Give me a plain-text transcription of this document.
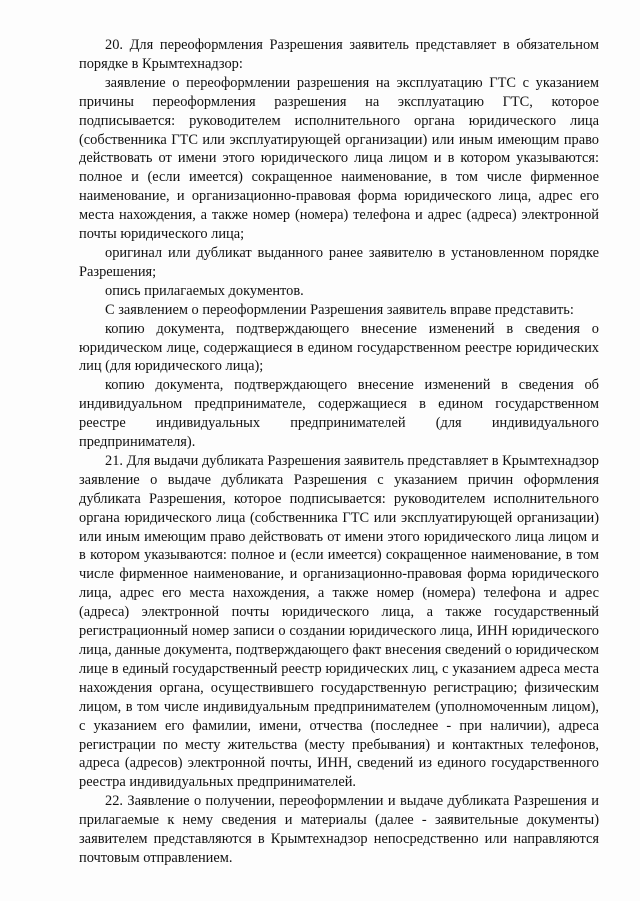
20. Для переоформления Разрешения заявитель представляет в обязательном порядке в Крымтехнадзор:

заявление о переоформлении разрешения на эксплуатацию ГТС с указанием причины переоформления разрешения на эксплуатацию ГТС, которое подписывается: руководителем исполнительного органа юридического лица (собственника ГТС или эксплуатирующей организации) или иным имеющим право действовать от имени этого юридического лица лицом и в котором указываются: полное и (если имеется) сокращенное наименование, в том числе фирменное наименование, и организационно-правовая форма юридического лица, адрес его места нахождения, а также номер (номера) телефона и адрес (адреса) электронной почты юридического лица;

оригинал или дубликат выданного ранее заявителю в установленном порядке Разрешения;

опись прилагаемых документов.

С заявлением о переоформлении Разрешения заявитель вправе представить:

копию документа, подтверждающего внесение изменений в сведения о юридическом лице, содержащиеся в едином государственном реестре юридических лиц (для юридического лица);

копию документа, подтверждающего внесение изменений в сведения об индивидуальном предпринимателе, содержащиеся в едином государственном реестре индивидуальных предпринимателей (для индивидуального предпринимателя).

21. Для выдачи дубликата Разрешения заявитель представляет в Крымтехнадзор заявление о выдаче дубликата Разрешения с указанием причин оформления дубликата Разрешения, которое подписывается: руководителем исполнительного органа юридического лица (собственника ГТС или эксплуатирующей организации) или иным имеющим право действовать от имени этого юридического лица лицом и в котором указываются: полное и (если имеется) сокращенное наименование, в том числе фирменное наименование, и организационно-правовая форма юридического лица, адрес его места нахождения, а также номер (номера) телефона и адрес (адреса) электронной почты юридического лица, а также государственный регистрационный номер записи о создании юридического лица, ИНН юридического лица, данные документа, подтверждающего факт внесения сведений о юридическом лице в единый государственный реестр юридических лиц, с указанием адреса места нахождения органа, осуществившего государственную регистрацию; физическим лицом, в том числе индивидуальным предпринимателем (уполномоченным лицом), с указанием его фамилии, имени, отчества (последнее - при наличии), адреса регистрации по месту жительства (месту пребывания) и контактных телефонов, адреса (адресов) электронной почты, ИНН, сведений из единого государственного реестра индивидуальных предпринимателей.

22. Заявление о получении, переоформлении и выдаче дубликата Разрешения и прилагаемые к нему сведения и материалы (далее - заявительные документы) заявителем представляются в Крымтехнадзор непосредственно или направляются почтовым отправлением.
